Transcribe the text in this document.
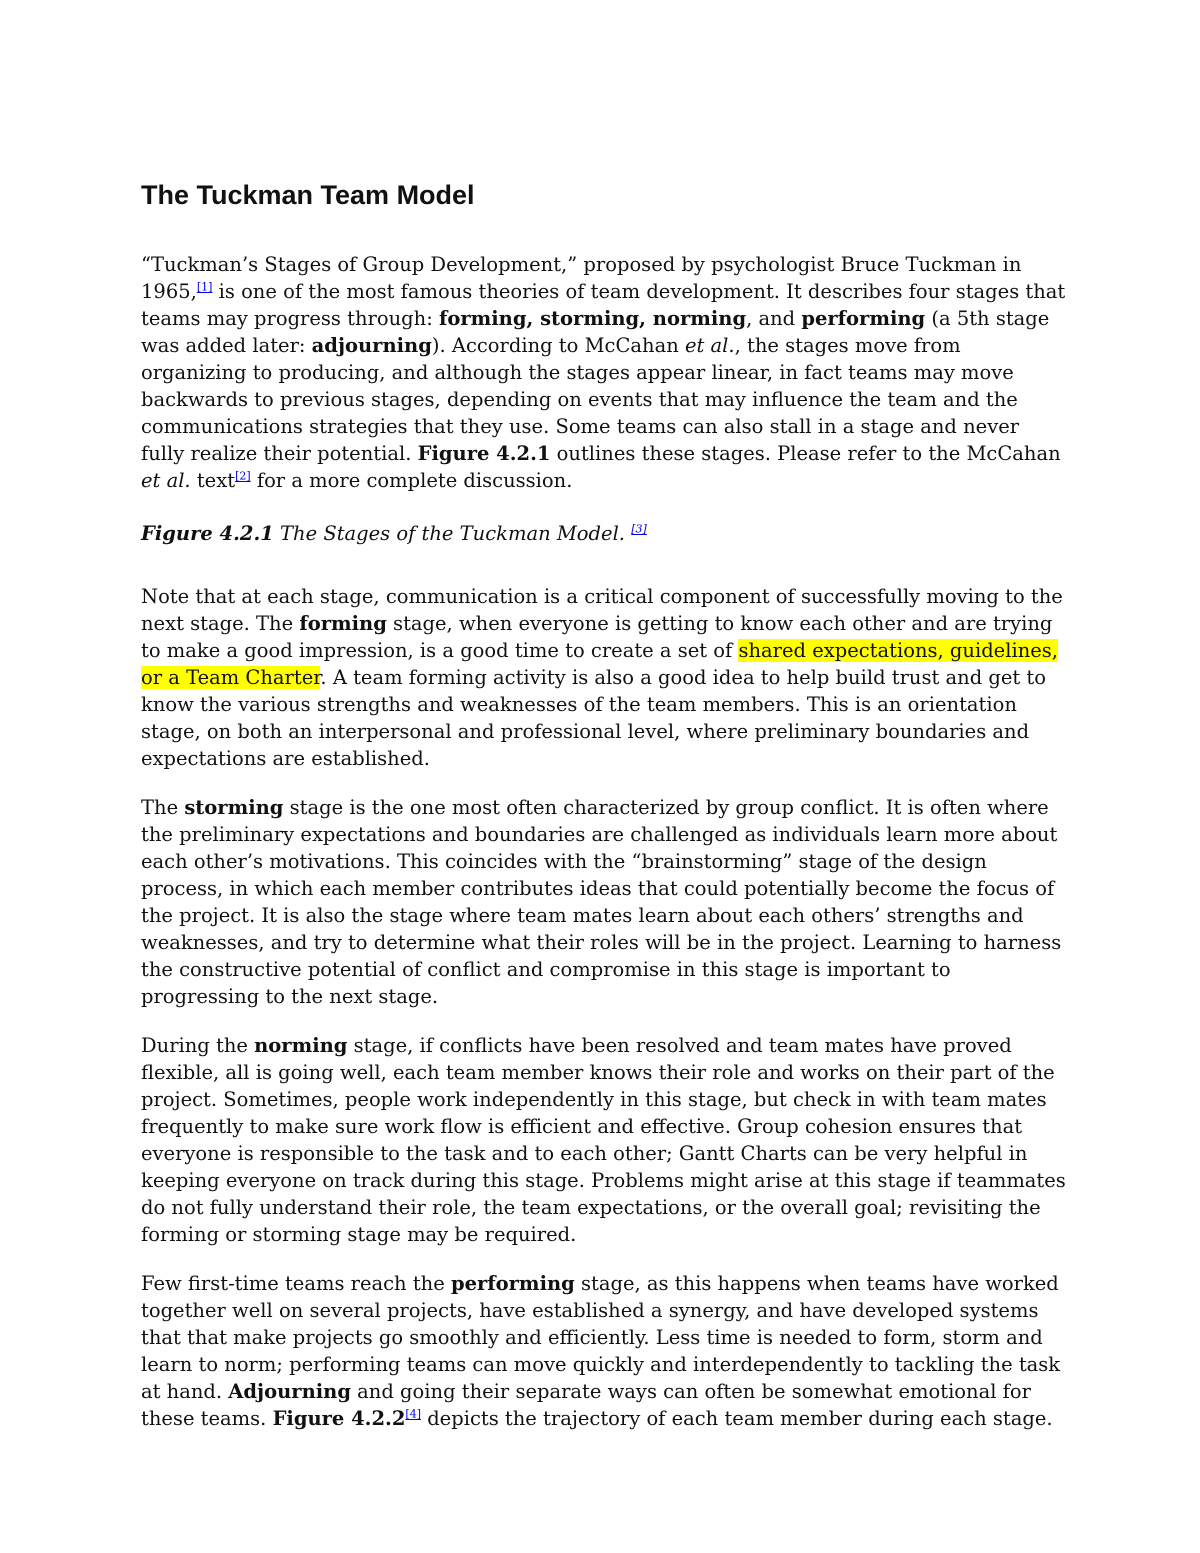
The Tuckman Team Model

“Tuckman’s Stages of Group Development,” proposed by psychologist Bruce Tuckman in 1965,[1] is one of the most famous theories of team development. It describes four stages that teams may progress through: forming, storming, norming, and performing (a 5th stage was added later: adjourning). According to McCahan et al., the stages move from organizing to producing, and although the stages appear linear, in fact teams may move backwards to previous stages, depending on events that may influence the team and the communications strategies that they use. Some teams can also stall in a stage and never fully realize their potential. Figure 4.2.1 outlines these stages. Please refer to the McCahan et al. text[2] for a more complete discussion.

Figure 4.2.1 The Stages of the Tuckman Model. [3]

Note that at each stage, communication is a critical component of successfully moving to the next stage. The forming stage, when everyone is getting to know each other and are trying to make a good impression, is a good time to create a set of shared expectations, guidelines, or a Team Charter. A team forming activity is also a good idea to help build trust and get to know the various strengths and weaknesses of the team members. This is an orientation stage, on both an interpersonal and professional level, where preliminary boundaries and expectations are established.

The storming stage is the one most often characterized by group conflict. It is often where the preliminary expectations and boundaries are challenged as individuals learn more about each other’s motivations. This coincides with the “brainstorming” stage of the design process, in which each member contributes ideas that could potentially become the focus of the project. It is also the stage where team mates learn about each others’ strengths and weaknesses, and try to determine what their roles will be in the project. Learning to harness the constructive potential of conflict and compromise in this stage is important to progressing to the next stage.

During the norming stage, if conflicts have been resolved and team mates have proved flexible, all is going well, each team member knows their role and works on their part of the project. Sometimes, people work independently in this stage, but check in with team mates frequently to make sure work flow is efficient and effective. Group cohesion ensures that everyone is responsible to the task and to each other; Gantt Charts can be very helpful in keeping everyone on track during this stage. Problems might arise at this stage if teammates do not fully understand their role, the team expectations, or the overall goal; revisiting the forming or storming stage may be required.

Few first-time teams reach the performing stage, as this happens when teams have worked together well on several projects, have established a synergy, and have developed systems that that make projects go smoothly and efficiently. Less time is needed to form, storm and learn to norm; performing teams can move quickly and interdependently to tackling the task at hand. Adjourning and going their separate ways can often be somewhat emotional for these teams. Figure 4.2.2[4] depicts the trajectory of each team member during each stage.
